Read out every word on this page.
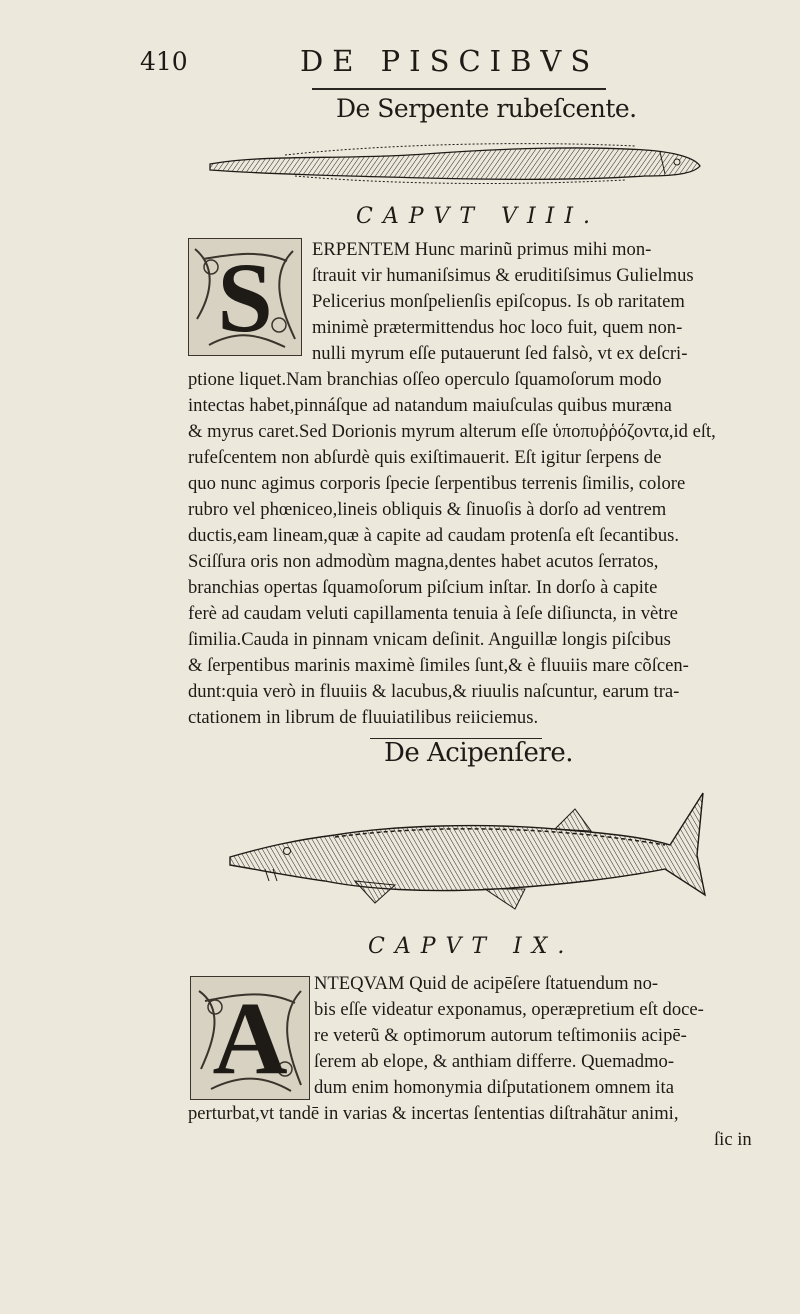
410	DE PISCIBVS
De Serpente rubeſcente.
CAPVT VIII.
S	ERPENTEM Hunc marinũ primus mihi mon-
ſtrauit vir humaniſsimus & eruditiſsimus Gulielmus
Pelicerius monſpelienſis epiſcopus. Is ob raritatem
minimè prætermittendus hoc loco fuit, quem non-
nulli myrum eſſe putauerunt ſed falsò, vt ex deſcri-
ptione liquet.Nam branchias oſſeo operculo ſquamoſorum modo
intectas habet,pinnáſque ad natandum maiuſculas quibus muræna
& myrus caret.Sed Dorionis myrum alterum eſſe ὑποπυῤῥόζοντα,id eſt,
rufeſcentem non abſurdè quis exiſtimauerit. Eſt igitur ſerpens de
quo nunc agimus corporis ſpecie ſerpentibus terrenis ſimilis, colore
rubro vel phœniceo,lineis obliquis & ſinuoſis à dorſo ad ventrem
ductis,eam lineam,quæ à capite ad caudam protenſa eſt ſecantibus.
Sciſſura oris non admodùm magna,dentes habet acutos ſerratos,
branchias opertas ſquamoſorum piſcium inſtar. In dorſo à capite
ferè ad caudam veluti capillamenta tenuia à ſeſe diſiuncta, in vètre
ſimilia.Cauda in pinnam vnicam deſinit. Anguillæ longis piſcibus
& ſerpentibus marinis maximè ſimiles ſunt,& è fluuiis mare cõſcen-
dunt:quia verò in fluuiis & lacubus,& riuulis naſcuntur, earum tra-
ctationem in librum de fluuiatilibus reiiciemus.
De Acipenſere.
CAPVT IX.
A	NTEQVAM Quid de acipēſere ſtatuendum no-
bis eſſe videatur exponamus, operæpretium eſt doce-
re veterũ & optimorum autorum teſtimoniis acipē-
ſerem ab elope, & anthiam differre. Quemadmo-
dum enim homonymia diſputationem omnem ita
perturbat,vt tandē in varias & incertas ſententias diſtrahãtur animi,
ſic in
